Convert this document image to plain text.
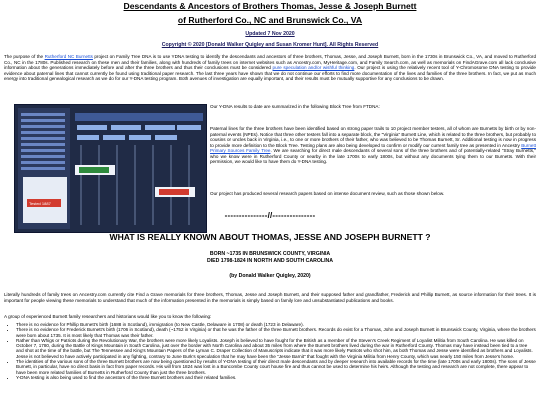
Descendants & Ancestors of Brothers Thomas, Jesse & Joseph Burnett
of Rutherford Co., NC and Brunswick Co., VA
Updated 7 Nov 2020
Copyright © 2020 [Donald Walker Quigley and Susan Kromer Hunt]. All Rights Reserved
The purpose of the Rutherford NC Burnetts project on Family Tree DNA is to use YDNA testing to identify the descendants and ancestors of three brothers, Thomas, Jesse, and Joseph Burnett, born in the 1730s in Brunswick Co., VA, and moved to Rutherford Co., NC in the 1780s. Published research on these men and their families, along with hundreds of family trees on internet websites such as Ancestry.com, MyHeritage.com, and Family Search.com, as well as memorials on FindAGrave.com all lack conclusive information about the generations immediately before and after the three brothers and thus their conclusions must be considered pure speculation and/or wishful thinking. Our project is using the relatively recent tool of Y-Chromosome DNA testing to provide evidence about paternal lines that cannot currently be found using traditional paper research. The last three years have shown that we do not continue our efforts to find more documentation of the lives and families of the three brothers. In fact, we put as much energy into traditional genealogical research as we do for our Y-DNA testing program. Both avenues of investigation are equally important, and their results must be mutually supportive for any conclusions to be drawn.
Tested 1887
Our Y-DNA results to date are summarized in the following Block Tree from FTDNA:
Paternal lines for the three brothers have been identified based on strong paper trails to 10 project member testers, all of whom are Burnetts by birth or by non-paternal events (NPEs). Notice that three other testers fall into a separate block, the "Virginia" Burnett Line, which is related to the three brothers, but probably to cousins or uncles back in Virginia, i.e., to one or more brothers of their father, who was believed to be Thomas Burnett, Sr. Additional testing is now in progress to provide more definition to the Block Tree. Testing plans are also being developed to confirm or modify our current family tree as presented in Ancestry Burnett Primary Sources Family Tree. We are searching for direct male descendants of several sons of the three brothers and of potentially-related "Stray Burnetts," who we know were in Rutherford County or nearby in the late 1700s to early 1800s, but without any documents tying them to our Burnetts. With their permission, we would like to have them do Y-DNA testing.
Our project has produced several research papers based on intense document review, such as those shown below.
---------------//---------------
WHAT IS REALLY KNOWN ABOUT THOMAS, JESSE AND JOSEPH BURNETT ?
BORN ~1735 IN BRUNSWICK COUNTY, VIRGINIA
DIED 1798-1824 IN NORTH AND SOUTH CAROLINA
(by Donald Walker Quigley, 2020)
Literally hundreds of family trees on Ancestry.com currently cite Find a Grave memorials for three brothers, Thomas, Jesse and Joseph Burnett, and their supposed father and grandfather, Frederick and Phillip Burnett, as source information for their trees. It is important for people viewing these memorials to understand that much of the information presented in the memorials is simply based on family lore and unsubstantiated publications and books.
A group of experienced Burnett family researchers and historians would like you to know the following:
• There is no evidence for Phillip Burnett's birth (1688 in Scotland), immigration (to New Castle, Delaware in 1708) or death (1723 in Delaware).
• There is no evidence for Frederick Burnett's birth (1706 in Scotland), death (~1752 in Virginia) or that he was the father of the three Burnett brothers. Records do exist for a Thomas, John and Joseph Burnett in Brunswick County, Virginia, where the brothers were born about 1735. It is most likely that Thomas was their father.
• Rather than Whigs or Patriots during the Revolutionary War, the brothers were more likely Loyalists. Joseph is believed to have fought for the British as a member of the Steven's Creek Regiment of Loyalist Militia from South Carolina. He was killed on October 7, 1780, during the Battle of Kings Mountain in South Carolina, just over the border with North Carolina and about 35 miles from where the Burnett brothers lived during the war in Rutherford County. Thomas may have instead been tied to a tree and shot at the time of the battle, but The Tennessee and King's Mountain Papers of the Lyman C. Draper Collection of Manuscripts indicate that it was more likely Patriots who shot him, as both Thomas and Jesse were identified as brothers and Loyalists. Jesse is not believed to have actively participated in any fighting, contrary to June Burk's speculation that he may have been the "Jesse Barnit" that fought with the Virginia Militia from Henry County, which was nearly 150 miles from Jesse's home.
• The identities of the various sons of the three Burnett brothers are now being questioned by results of Y-DNA testing of their direct male descendants and by deeper research into available records for the time (late 1700s and early 1800s). The sons of Jesse Burnett, in particular, have no direct basis in fact from paper records. His will from 1824 was lost in a Buncombe County court house fire and thus cannot be used to determine his heirs. Although the testing and research are not complete, there appear to have been more related families of Burnetts in Rutherford County than just the three brothers.
• Y-DNA testing is also being used to find the ancestors of the three Burnett brothers and their related families.
